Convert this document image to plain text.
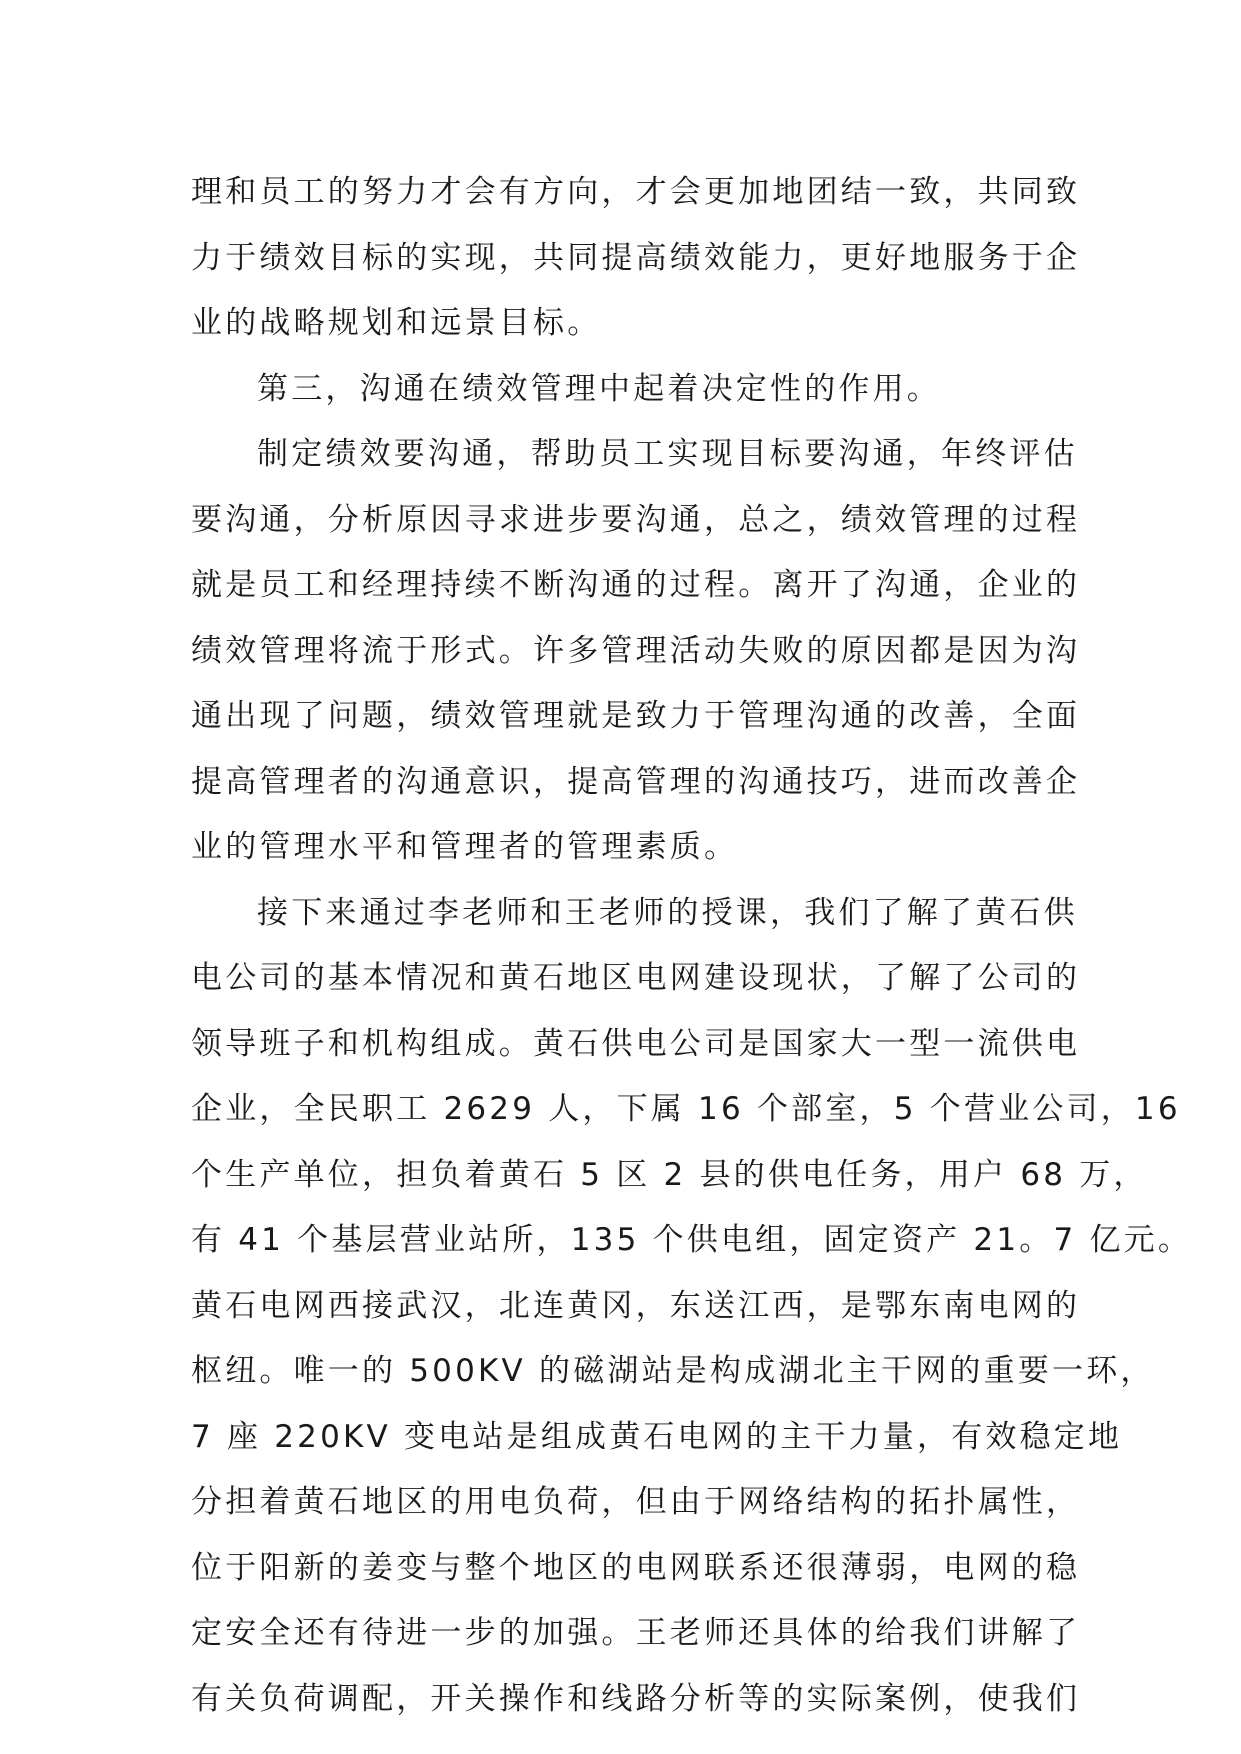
理和员工的努力才会有方向，才会更加地团结一致，共同致
力于绩效目标的实现，共同提高绩效能力，更好地服务于企
业的战略规划和远景目标。
第三，沟通在绩效管理中起着决定性的作用。
制定绩效要沟通，帮助员工实现目标要沟通，年终评估
要沟通，分析原因寻求进步要沟通，总之，绩效管理的过程
就是员工和经理持续不断沟通的过程。离开了沟通，企业的
绩效管理将流于形式。许多管理活动失败的原因都是因为沟
通出现了问题，绩效管理就是致力于管理沟通的改善，全面
提高管理者的沟通意识，提高管理的沟通技巧，进而改善企
业的管理水平和管理者的管理素质。
接下来通过李老师和王老师的授课，我们了解了黄石供
电公司的基本情况和黄石地区电网建设现状，了解了公司的
领导班子和机构组成。黄石供电公司是国家大一型一流供电
企业，全民职工 2629 人，下属 16 个部室，5 个营业公司，16
个生产单位，担负着黄石 5 区 2 县的供电任务，用户 68 万，
有 41 个基层营业站所，135 个供电组，固定资产 21。7 亿元。
黄石电网西接武汉，北连黄冈，东送江西，是鄂东南电网的
枢纽。唯一的 500KV 的磁湖站是构成湖北主干网的重要一环，
7 座 220KV 变电站是组成黄石电网的主干力量，有效稳定地
分担着黄石地区的用电负荷，但由于网络结构的拓扑属性，
位于阳新的姜变与整个地区的电网联系还很薄弱，电网的稳
定安全还有待进一步的加强。王老师还具体的给我们讲解了
有关负荷调配，开关操作和线路分析等的实际案例，使我们
